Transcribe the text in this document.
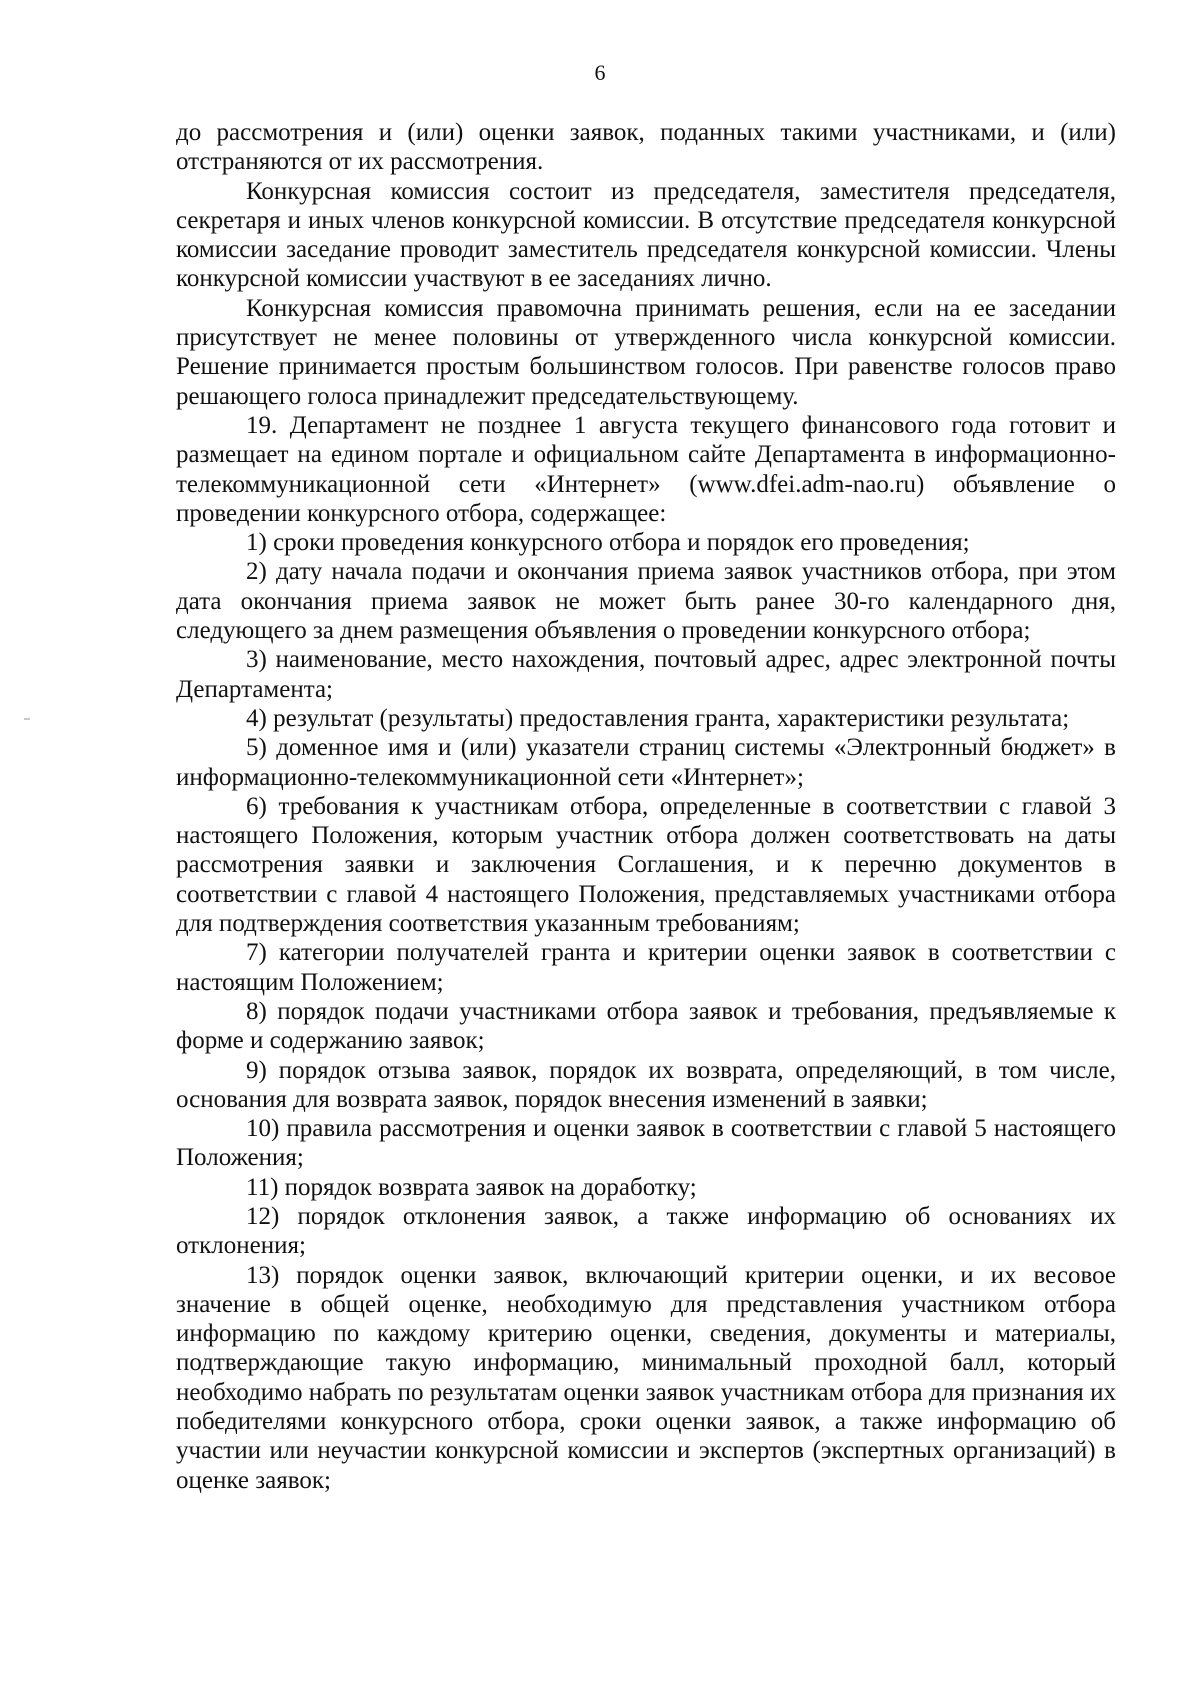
6

до рассмотрения и (или) оценки заявок, поданных такими участниками, и (или) отстраняются от их рассмотрения.

Конкурсная комиссия состоит из председателя, заместителя председателя, секретаря и иных членов конкурсной комиссии. В отсутствие председателя конкурсной комиссии заседание проводит заместитель председателя конкурсной комиссии. Члены конкурсной комиссии участвуют в ее заседаниях лично.

Конкурсная комиссия правомочна принимать решения, если на ее заседании присутствует не менее половины от утвержденного числа конкурсной комиссии. Решение принимается простым большинством голосов. При равенстве голосов право решающего голоса принадлежит председательствующему.

19. Департамент не позднее 1 августа текущего финансового года готовит и размещает на едином портале и официальном сайте Департамента в информационно-телекоммуникационной сети «Интернет» (www.dfei.adm-nao.ru) объявление о проведении конкурсного отбора, содержащее:

1) сроки проведения конкурсного отбора и порядок его проведения;

2) дату начала подачи и окончания приема заявок участников отбора, при этом дата окончания приема заявок не может быть ранее 30-го календарного дня, следующего за днем размещения объявления о проведении конкурсного отбора;

3) наименование, место нахождения, почтовый адрес, адрес электронной почты Департамента;

4) результат (результаты) предоставления гранта, характеристики результата;

5) доменное имя и (или) указатели страниц системы «Электронный бюджет» в информационно-телекоммуникационной сети «Интернет»;

6) требования к участникам отбора, определенные в соответствии с главой 3 настоящего Положения, которым участник отбора должен соответствовать на даты рассмотрения заявки и заключения Соглашения, и к перечню документов в соответствии с главой 4 настоящего Положения, представляемых участниками отбора для подтверждения соответствия указанным требованиям;

7) категории получателей гранта и критерии оценки заявок в соответствии с настоящим Положением;

8) порядок подачи участниками отбора заявок и требования, предъявляемые к форме и содержанию заявок;

9) порядок отзыва заявок, порядок их возврата, определяющий, в том числе, основания для возврата заявок, порядок внесения изменений в заявки;

10) правила рассмотрения и оценки заявок в соответствии с главой 5 настоящего Положения;

11) порядок возврата заявок на доработку;

12) порядок отклонения заявок, а также информацию об основаниях их отклонения;

13) порядок оценки заявок, включающий критерии оценки, и их весовое значение в общей оценке, необходимую для представления участником отбора информацию по каждому критерию оценки, сведения, документы и материалы, подтверждающие такую информацию, минимальный проходной балл, который необходимо набрать по результатам оценки заявок участникам отбора для признания их победителями конкурсного отбора, сроки оценки заявок, а также информацию об участии или неучастии конкурсной комиссии и экспертов (экспертных организаций) в оценке заявок;
